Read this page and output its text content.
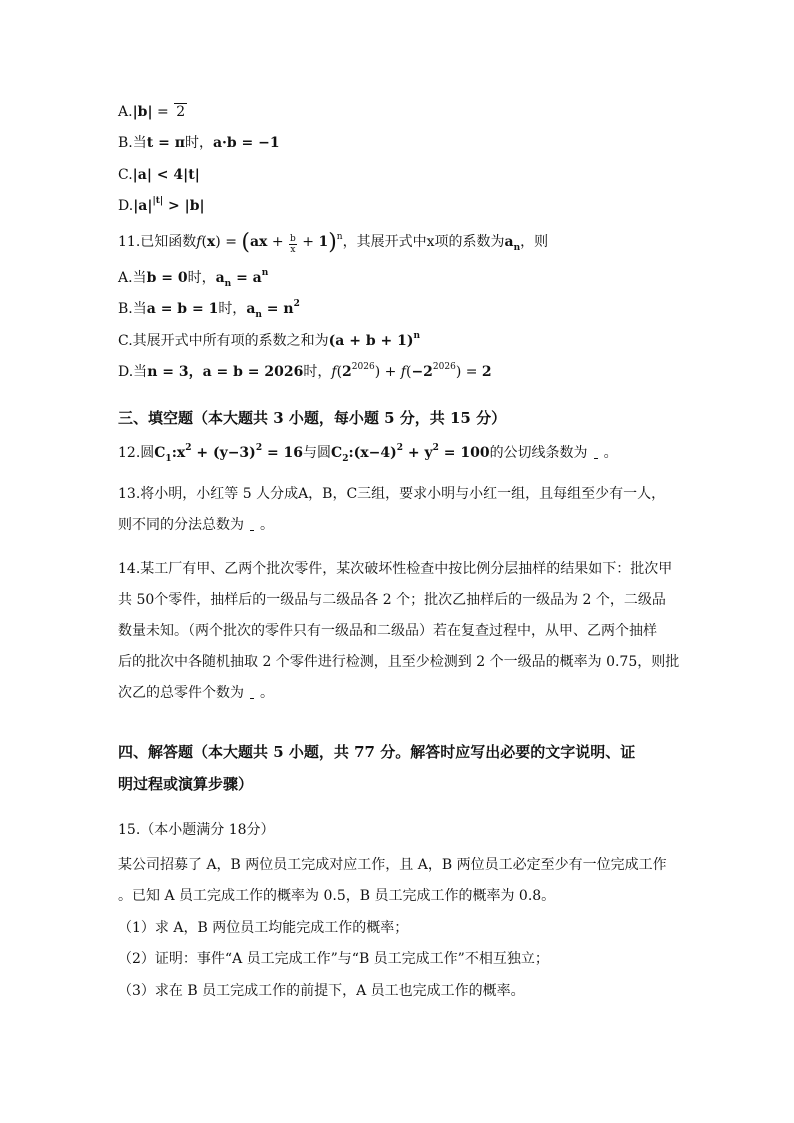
A.|b| = 2
B.当t = π时，a·b = −1
C.|a| < 4|t|
$D.|a|^{|t|} > |b|$
11.已知函数$f(x) = (ax + \frac{b}{x} + 1)^n$，其展开式中x项的系数为$a_n$，则
A.当b = 0时，$a_n = a^n$
B.当a = b = 1时，$a_n = n^2$
C.其展开式中所有项的系数之和为$(a + b + 1)^n$
D.当n = 3，a = b = 2026时，$f(2^{2026}) + f(-2^{2026}) = 2$
三、填空题（本大题共 3 小题，每小题 5 分，共 15 分）
12.圆$C_1:x^2 + (y-3)^2 = 16$与圆$C_2:(x-4)^2 + y^2 = 100$的公切线条数为 。
13.将小明，小红等 5 人分成A，B，C三组，要求小明与小红一组，且每组至少有一人，
则不同的分法总数为 。
14.某工厂有甲、乙两个批次零件，某次破坏性检查中按比例分层抽样的结果如下：批次甲
共 50个零件，抽样后的一级品与二级品各 2 个；批次乙抽样后的一级品为 2 个，二级品
数量未知。（两个批次的零件只有一级品和二级品）若在复查过程中，从甲、乙两个抽样
后的批次中各随机抽取 2 个零件进行检测，且至少检测到 2 个一级品的概率为 0.75，则批
次乙的总零件个数为 。
四、解答题（本大题共 5 小题，共 77 分。解答时应写出必要的文字说明、证
明过程或演算步骤）
15.（本小题满分 18分）
某公司招募了 A，B 两位员工完成对应工作，且 A，B 两位员工必定至少有一位完成工作
。已知 A 员工完成工作的概率为 0.5，B 员工完成工作的概率为 0.8。
（1）求 A，B 两位员工均能完成工作的概率；
（2）证明：事件“A 员工完成工作”与“B 员工完成工作”不相互独立；
（3）求在 B 员工完成工作的前提下，A 员工也完成工作的概率。
